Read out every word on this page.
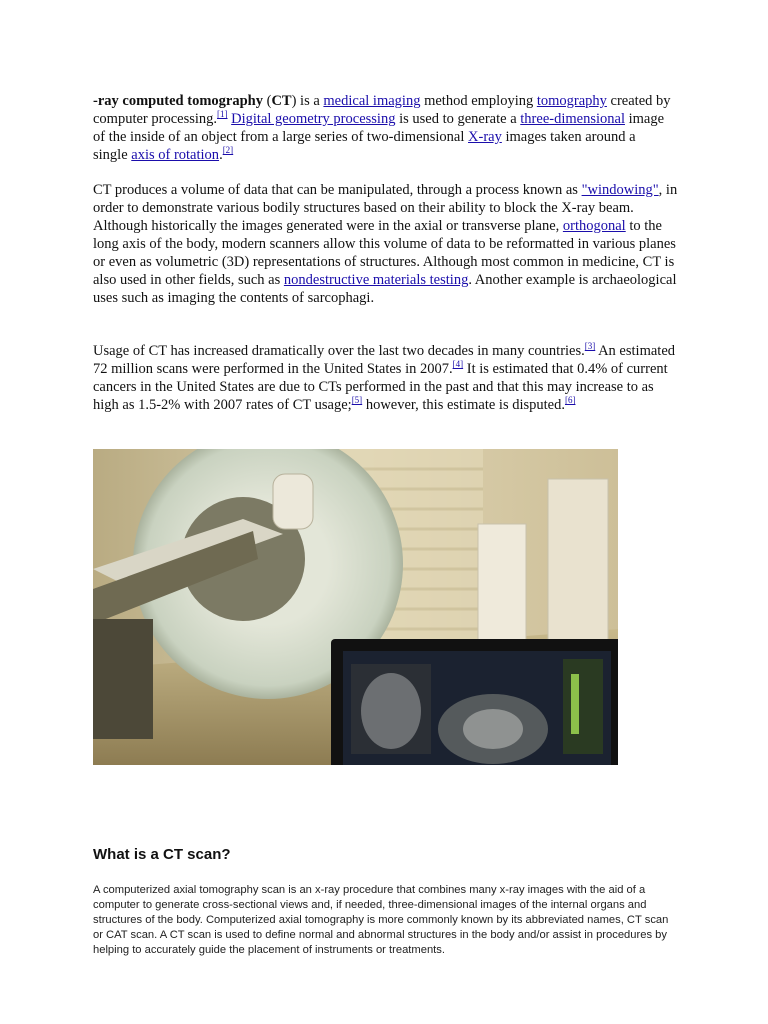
-ray computed tomography (CT) is a medical imaging method employing tomography created by computer processing.[1] Digital geometry processing is used to generate a three-dimensional image of the inside of an object from a large series of two-dimensional X-ray images taken around a single axis of rotation.[2]

CT produces a volume of data that can be manipulated, through a process known as "windowing", in order to demonstrate various bodily structures based on their ability to block the X-ray beam. Although historically the images generated were in the axial or transverse plane, orthogonal to the long axis of the body, modern scanners allow this volume of data to be reformatted in various planes or even as volumetric (3D) representations of structures. Although most common in medicine, CT is also used in other fields, such as nondestructive materials testing. Another example is archaeological uses such as imaging the contents of sarcophagi.

Usage of CT has increased dramatically over the last two decades in many countries.[3] An estimated 72 million scans were performed in the United States in 2007.[4] It is estimated that 0.4% of current cancers in the United States are due to CTs performed in the past and that this may increase to as high as 1.5-2% with 2007 rates of CT usage;[5] however, this estimate is disputed.[6]

What is a CT scan?

A computerized axial tomography scan is an x-ray procedure that combines many x-ray images with the aid of a computer to generate cross-sectional views and, if needed, three-dimensional images of the internal organs and structures of the body. Computerized axial tomography is more commonly known by its abbreviated names, CT scan or CAT scan. A CT scan is used to define normal and abnormal structures in the body and/or assist in procedures by helping to accurately guide the placement of instruments or treatments.
